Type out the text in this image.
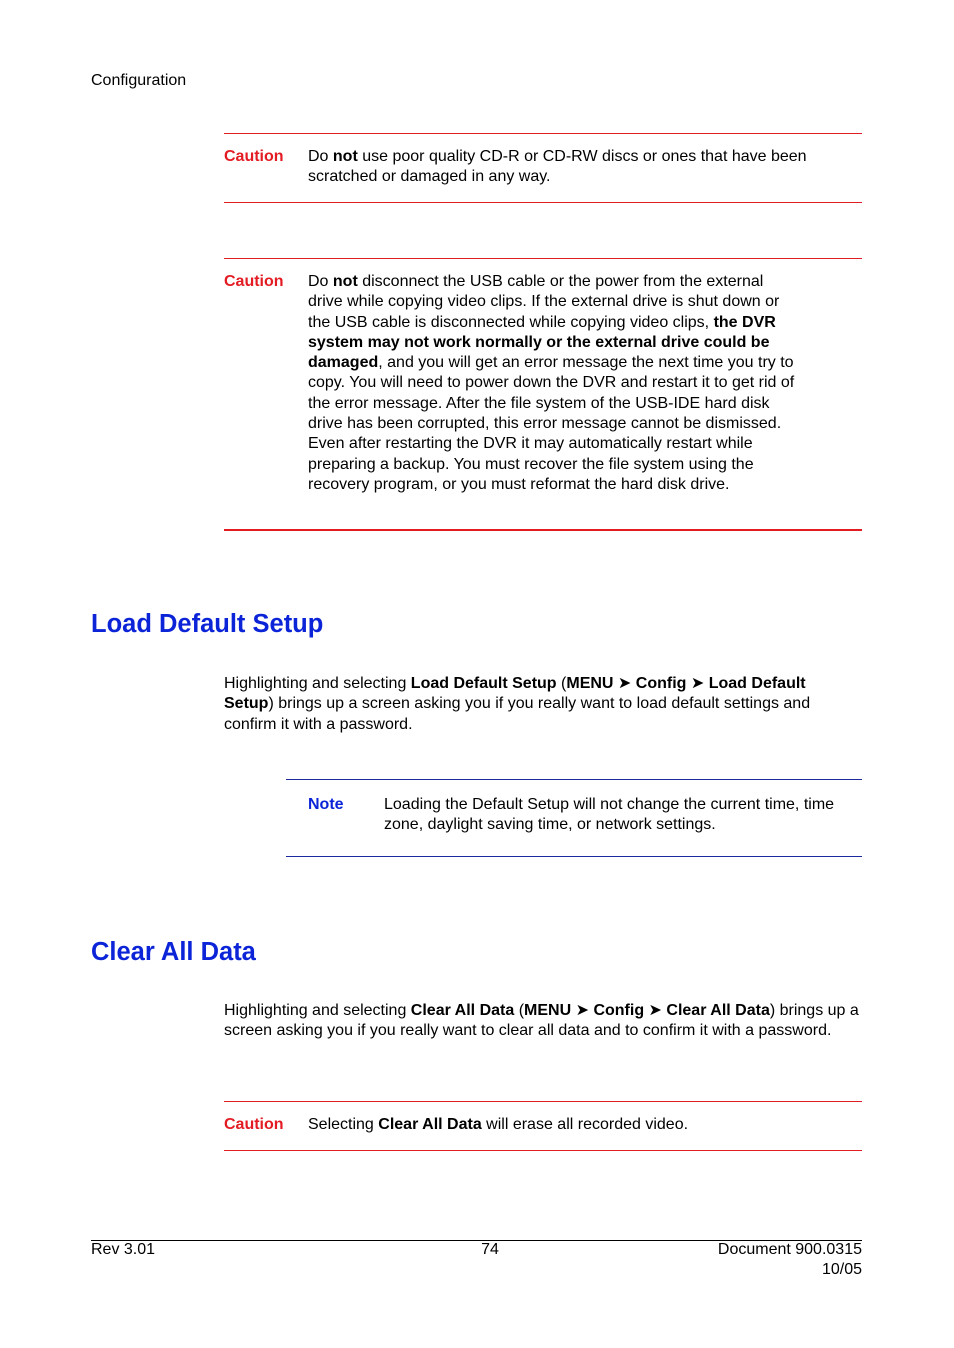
Configuration
Caution Do not use poor quality CD-R or CD-RW discs or ones that have been scratched or damaged in any way.
Caution Do not disconnect the USB cable or the power from the external drive while copying video clips. If the external drive is shut down or the USB cable is disconnected while copying video clips, the DVR system may not work normally or the external drive could be damaged, and you will get an error message the next time you try to copy. You will need to power down the DVR and restart it to get rid of the error message. After the file system of the USB-IDE hard disk drive has been corrupted, this error message cannot be dismissed. Even after restarting the DVR it may automatically restart while preparing a backup. You must recover the file system using the recovery program, or you must reformat the hard disk drive.
Load Default Setup
Highlighting and selecting Load Default Setup (MENU ➤ Config ➤ Load Default Setup) brings up a screen asking you if you really want to load default settings and confirm it with a password.
Note	Loading the Default Setup will not change the current time, time zone, daylight saving time, or network settings.
Clear All Data
Highlighting and selecting Clear All Data (MENU ➤ Config ➤ Clear All Data) brings up a screen asking you if you really want to clear all data and to confirm it with a password.
Caution Selecting Clear All Data will erase all recorded video.
Rev 3.01	74	Document 900.0315
10/05
